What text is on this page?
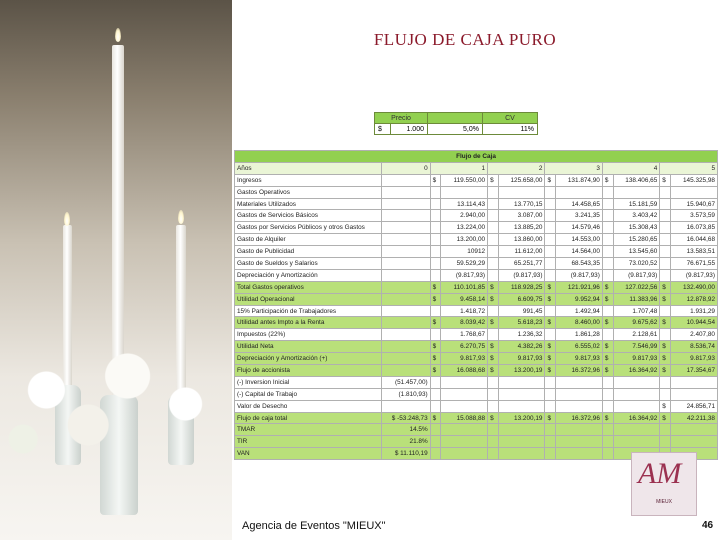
FLUJO DE CAJA PURO
Precio			CV
$	1.000	5,0%	11%
Flujo de Caja											
Años	0	1		2		3		4		5	
Ingresos		$	119.550,00	$	125.658,00	$	131.874,90	$	138.406,65	$	145.325,98
Gastos Operativos											
Materiales Utilizados			13.114,43		13.770,15		14.458,65		15.181,59		15.940,67
Gastos de Servicios Básicos			2.940,00		3.087,00		3.241,35		3.403,42		3.573,59
Gastos por Servicios Públicos y otros Gastos			13.224,00		13.885,20		14.579,46		15.308,43		16.073,85
Gasto de Alquiler			13.200,00		13.860,00		14.553,00		15.280,65		16.044,68
Gasto de Publicidad			10912		11.612,00		14.564,00		13.545,60		13.583,51
Gasto de Sueldos y Salarios			59.529,29		65.251,77		68.543,35		73.020,52		76.671,55
Depreciación y Amortización			(9.817,93)		(9.817,93)		(9.817,93)		(9.817,93)		(9.817,93)
Total Gastos operativos		$	110.101,85	$	118.928,25	$	121.921,96	$	127.022,56	$	132.490,00
Utilidad Operacional		$	9.458,14	$	6.609,75	$	9.952,94	$	11.383,96	$	12.878,92
15% Participación de Trabajadores			1.418,72		991,45		1.492,94		1.707,48		1.931,29
Utilidad antes Impto a la Renta		$	8.039,42	$	5.618,23	$	8.460,00	$	9.675,62	$	10.944,54
Impuestos (22%)			1.768,67		1.236,32		1.861,28		2.128,61		2.407,80
Utilidad Neta		$	6.270,75	$	4.382,26	$	6.555,02	$	7.546,99	$	8.536,74
Depreciación y Amortización (+)		$	9.817,93	$	9.817,93	$	9.817,93	$	9.817,93	$	9.817,93
Flujo de accionista		$	16.088,68	$	13.200,19	$	16.372,96	$	16.364,92	$	17.354,67
(-) Inversion Inicial	(51.457,00)										
(-) Capital de Trabajo	(1.810,93)										
Valor de Desecho										$	24.856,71
Flujo de caja total	$ -53.248,73	$	15.088,88	$	13.200,19	$	16.372,96	$	16.364,92	$	42.211,38
TMAR	14.5%										
TIR	21.8%										
VAN	$ 11.110,19										
AM
MIEUX
Agencia de Eventos "MIEUX"	46
